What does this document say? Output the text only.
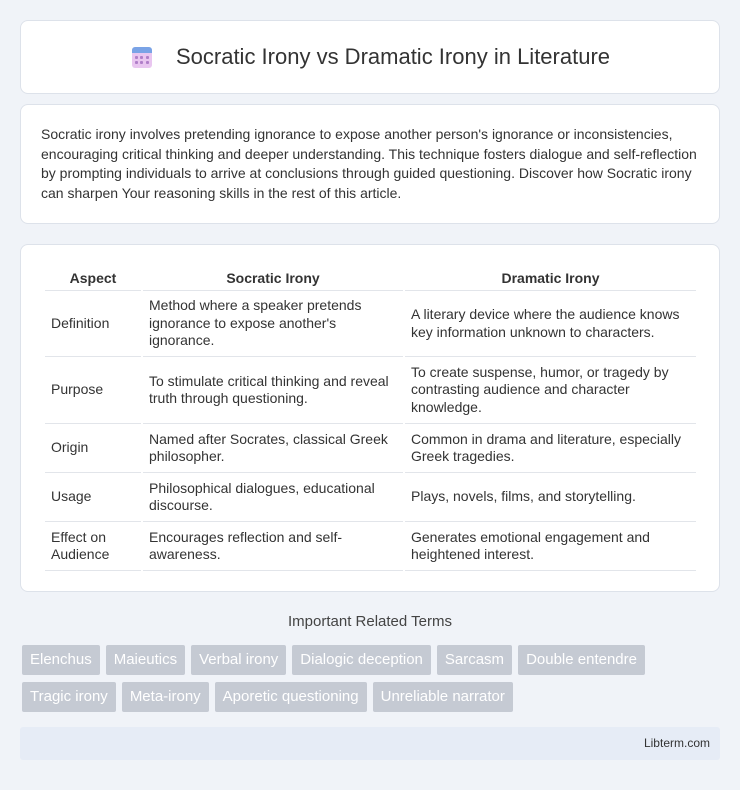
Socratic Irony vs Dramatic Irony in Literature

Socratic irony involves pretending ignorance to expose another person's ignorance or inconsistencies, encouraging critical thinking and deeper understanding. This technique fosters dialogue and self-reflection by prompting individuals to arrive at conclusions through guided questioning. Discover how Socratic irony can sharpen Your reasoning skills in the rest of this article.

Aspect	Socratic Irony	Dramatic Irony
Definition	Method where a speaker pretends ignorance to expose another's ignorance.	A literary device where the audience knows key information unknown to characters.
Purpose	To stimulate critical thinking and reveal truth through questioning.	To create suspense, humor, or tragedy by contrasting audience and character knowledge.
Origin	Named after Socrates, classical Greek philosopher.	Common in drama and literature, especially Greek tragedies.
Usage	Philosophical dialogues, educational discourse.	Plays, novels, films, and storytelling.
Effect on Audience	Encourages reflection and self-awareness.	Generates emotional engagement and heightened interest.
Important Related Terms
Elenchus	Maieutics	Verbal irony	Dialogic deception	Sarcasm	Double entendre
Tragic irony	Meta-irony	Aporetic questioning	Unreliable narrator
Libterm.com
